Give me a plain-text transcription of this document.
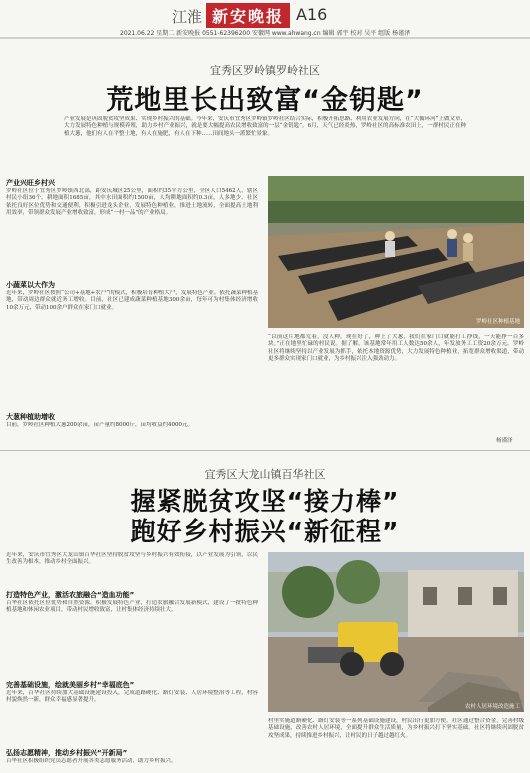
江淮 新安晚报 A16
2021.06.22 星期二 新安晚报 0551-62396200 安徽网 www.ahwang.cn 编辑 郭宇 校对 吴平 组版 杨谨泽
宜秀区罗岭镇罗岭社区
荒地里长出致富“金钥匙”
产业发展是巩固脱贫攻坚成果、实现乡村振兴的基础。今年来，安庆市宜秀区罗岭镇罗岭社区结合实际，积极开拓思路、利用农业发展方向，在“大循环河”上做文章，大力发展特色种植与规模养殖，助力乡村产业振兴，就是要大幅提高农民增收致富的一层“金钥匙”。6月，天气已经炎热，罗岭社区的高标准农田上，一群村民正在种植大葱，他们有人在平整土地，有人在施肥，有人在下种……田间地头一派繁忙景象。
产业兴旺乡村兴
罗岭社区位于宜秀区罗岭镇西北部，距安庆城区25公里，面积约35平方公里，全区人口5462人，辖区村民小组36个。耕地面积1685亩，其中水田面积约1500亩，人均耕地面积约0.3亩，人多地少。社区依托良好区位优势和交通便利，积极引进龙头企业，发展特色种植业，推进土地流转，全面提高土地利用效率，带领群众发展产业增收致富，形成“一村一品”的产业格局。
小蔬菜以大作为
近年来，罗岭社区按照“公司+基地+农户”的模式，积极培育种植大户，发展特色产业。依托蔬菜种植基地，带动周边群众就近务工增收。目前，社区已建成蔬菜种植基地300余亩，每年可为村集体经济增收10余万元，带动100余户群众在家门口就业。
大葱种植助增收
目前，罗岭社区种植大葱200余亩，亩产量约8000斤，亩均收益约4000元。
罗岭社区种植基地
“以前这片地都荒着，没人种。现在好了，种上了大葱，我们在家门口就能打工挣钱，一天能挣一百多块。”正在地里忙碌的村民说。据了解，该基地常年用工人数达50余人，年发放务工工资20余万元。罗岭社区将继续坚持以产业发展为抓手，依托本地资源优势，大力发展特色种植业，拓宽群众增收渠道，带动更多群众实现家门口就业，为乡村振兴注入强劲动力。
杨谨泽
宜秀区大龙山镇百华社区
握紧脱贫攻坚“接力棒”
跑好乡村振兴“新征程”
近年来，安庆市宜秀区大龙山镇百华社区坚持脱贫攻坚与乡村振兴有效衔接，以产业发展为引领，以民生改善为根本，推动乡村全面振兴。
打造特色产业，激活农旅融合“造血功能”
百华社区依托区位优势和自然资源，积极发展特色产业，打造农旅融合发展新模式，建设了一批特色种植基地和休闲农业项目，带动村民增收致富，让村集体经济持续壮大。
完善基础设施，绘就美丽乡村“幸福底色”
近年来，百华社区持续加大基础设施建设投入，完成道路硬化、路灯安装、人居环境整治等工程，村容村貌焕然一新，群众幸福感显著提升。
弘扬志愿精神，推动乡村振兴“开新局”
百华社区积极组织党员志愿者开展各类志愿服务活动，助力乡村振兴。
农村人居环境改造施工
村里实施道路硬化、路灯安装等一系列基础设施建设，村民出行更加方便。社区通过整合资金，完善村级基础设施，改善农村人居环境，全面提升群众生活质量，为乡村振兴打下坚实基础。社区将继续巩固脱贫攻坚成果，持续推进乡村振兴，让村民的日子越过越红火。
